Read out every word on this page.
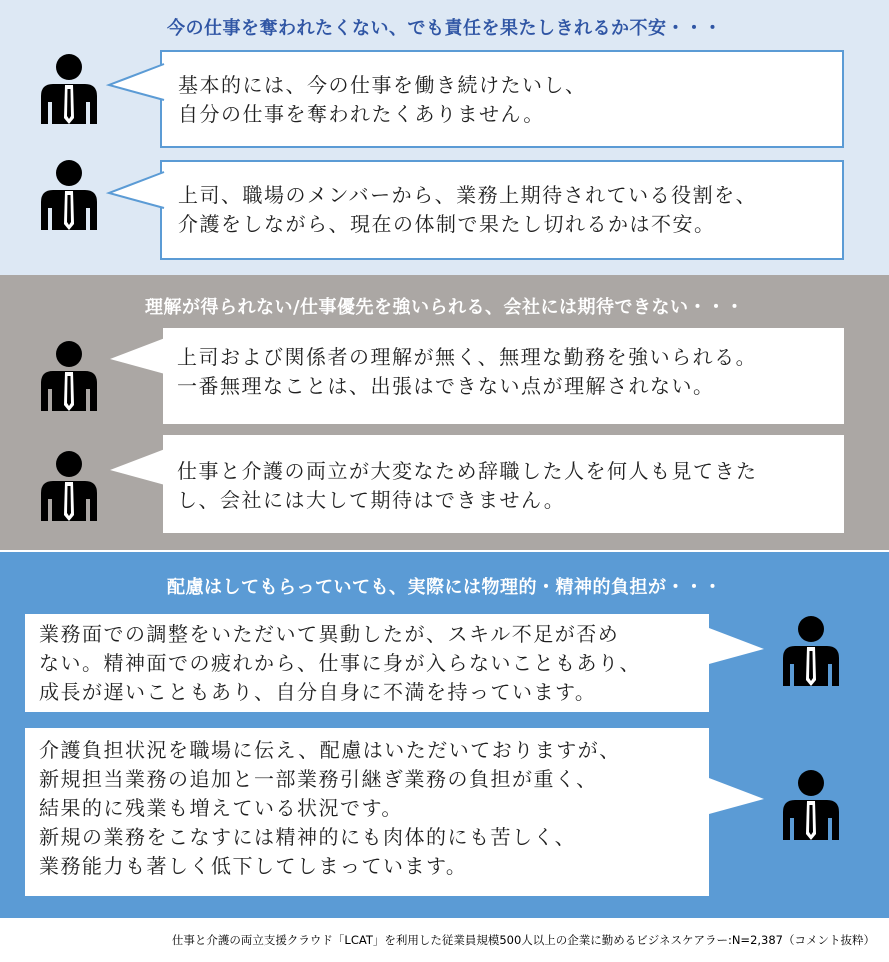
今の仕事を奪われたくない、でも責任を果たしきれるか不安・・・
基本的には、今の仕事を働き続けたいし、
自分の仕事を奪われたくありません。
上司、職場のメンバーから、業務上期待されている役割を、
介護をしながら、現在の体制で果たし切れるかは不安。
理解が得られない/仕事優先を強いられる、会社には期待できない・・・
上司および関係者の理解が無く、無理な勤務を強いられる。
一番無理なことは、出張はできない点が理解されない。
仕事と介護の両立が大変なため辞職した人を何人も見てきた
し、会社には大して期待はできません。
配慮はしてもらっていても、実際には物理的・精神的負担が・・・
業務面での調整をいただいて異動したが、スキル不足が否め
ない。精神面での疲れから、仕事に身が入らないこともあり、
成長が遅いこともあり、自分自身に不満を持っています。
介護負担状況を職場に伝え、配慮はいただいておりますが、
新規担当業務の追加と一部業務引継ぎ業務の負担が重く、
結果的に残業も増えている状況です。
新規の業務をこなすには精神的にも肉体的にも苦しく、
業務能力も著しく低下してしまっています。
仕事と介護の両立支援クラウド「LCAT」を利用した従業員規模500人以上の企業に勤めるビジネスケアラー:N=2,387（コメント抜粋）
